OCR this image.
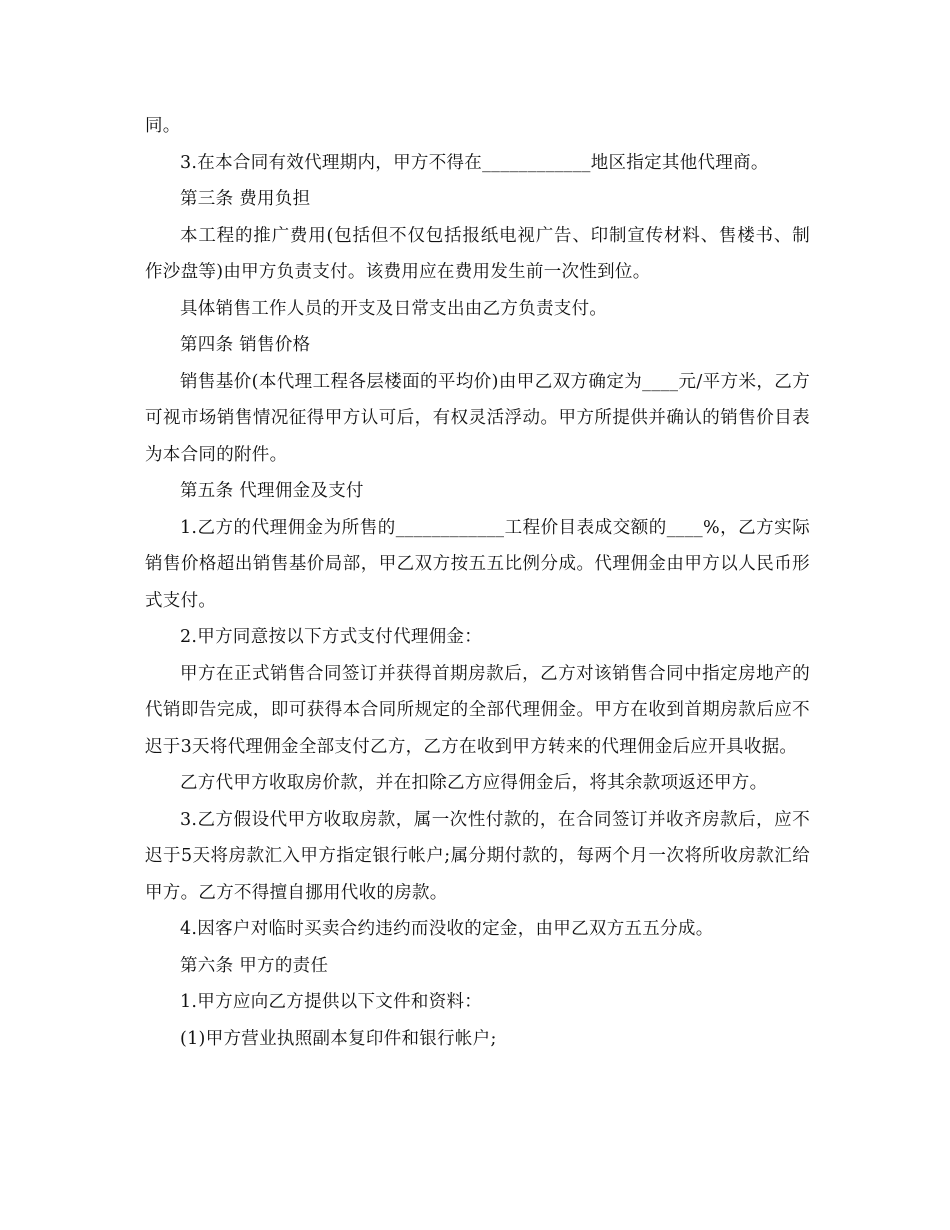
同。

3.在本合同有效代理期内，甲方不得在____________地区指定其他代理商。

第三条 费用负担

本工程的推广费用(包括但不仅包括报纸电视广告、印制宣传材料、售楼书、制作沙盘等)由甲方负责支付。该费用应在费用发生前一次性到位。

具体销售工作人员的开支及日常支出由乙方负责支付。

第四条 销售价格

销售基价(本代理工程各层楼面的平均价)由甲乙双方确定为____元/平方米，乙方可视市场销售情况征得甲方认可后，有权灵活浮动。甲方所提供并确认的销售价目表为本合同的附件。

第五条 代理佣金及支付

1.乙方的代理佣金为所售的____________工程价目表成交额的____%，乙方实际销售价格超出销售基价局部，甲乙双方按五五比例分成。代理佣金由甲方以人民币形式支付。

2.甲方同意按以下方式支付代理佣金：

甲方在正式销售合同签订并获得首期房款后，乙方对该销售合同中指定房地产的代销即告完成，即可获得本合同所规定的全部代理佣金。甲方在收到首期房款后应不迟于3天将代理佣金全部支付乙方，乙方在收到甲方转来的代理佣金后应开具收据。

乙方代甲方收取房价款，并在扣除乙方应得佣金后，将其余款项返还甲方。

3.乙方假设代甲方收取房款，属一次性付款的，在合同签订并收齐房款后，应不迟于5天将房款汇入甲方指定银行帐户;属分期付款的，每两个月一次将所收房款汇给甲方。乙方不得擅自挪用代收的房款。

4.因客户对临时买卖合约违约而没收的定金，由甲乙双方五五分成。

第六条 甲方的责任

1.甲方应向乙方提供以下文件和资料：

(1)甲方营业执照副本复印件和银行帐户;
